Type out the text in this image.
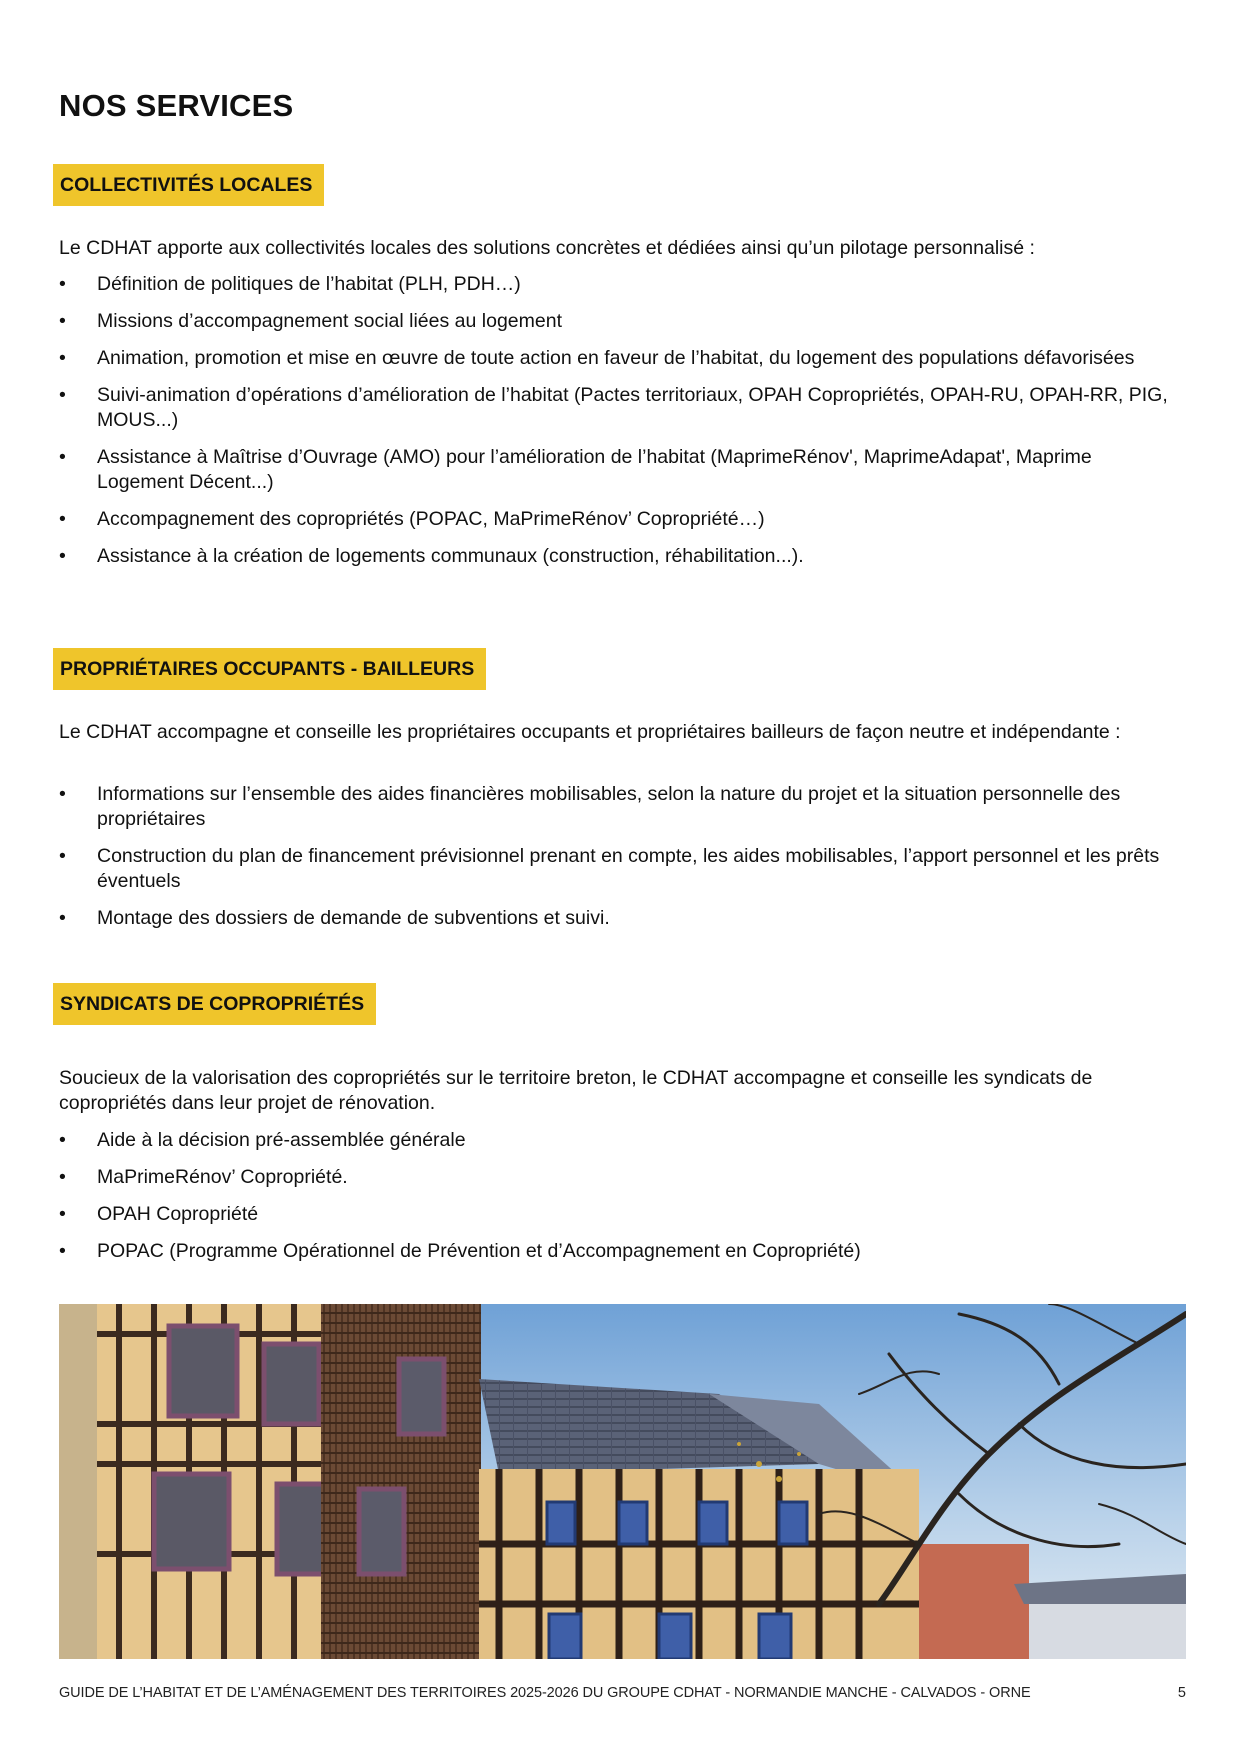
NOS SERVICES
COLLECTIVITÉS LOCALES

Le CDHAT apporte aux collectivités locales des solutions concrètes et dédiées ainsi qu’un pilotage personnalisé :

• Définition de politiques de l’habitat (PLH, PDH…)
• Missions d’accompagnement social liées au logement
• Animation, promotion et mise en œuvre de toute action en faveur de l’habitat, du logement des populations défavorisées
• Suivi-animation d’opérations d’amélioration de l’habitat (Pactes territoriaux, OPAH Copropriétés, OPAH-RU, OPAH-RR, PIG, MOUS...)
• Assistance à Maîtrise d’Ouvrage (AMO) pour l’amélioration de l’habitat (MaprimeRénov', MaprimeAdapat', Maprime Logement Décent...)
• Accompagnement des copropriétés (POPAC, MaPrimeRénov’ Copropriété…)
• Assistance à la création de logements communaux (construction, réhabilitation...).
PROPRIÉTAIRES OCCUPANTS - BAILLEURS

Le CDHAT accompagne et conseille les propriétaires occupants et propriétaires bailleurs de façon neutre et indépendante :

• Informations sur l’ensemble des aides financières mobilisables, selon la nature du projet et la situation personnelle des propriétaires
• Construction du plan de financement prévisionnel prenant en compte, les aides mobilisables, l’apport personnel et les prêts éventuels
• Montage des dossiers de demande de subventions et suivi.
SYNDICATS DE COPROPRIÉTÉS

Soucieux de la valorisation des copropriétés sur le territoire breton, le CDHAT accompagne et conseille les syndicats de copropriétés dans leur projet de rénovation.

• Aide à la décision pré-assemblée générale
• MaPrimeRénov’ Copropriété.
• OPAH Copropriété
• POPAC (Programme Opérationnel de Prévention et d’Accompagnement en Copropriété)
GUIDE DE L’HABITAT ET DE L’AMÉNAGEMENT DES TERRITOIRES 2025-2026 DU GROUPE CDHAT - NORMANDIE MANCHE - CALVADOS - ORNE	5
